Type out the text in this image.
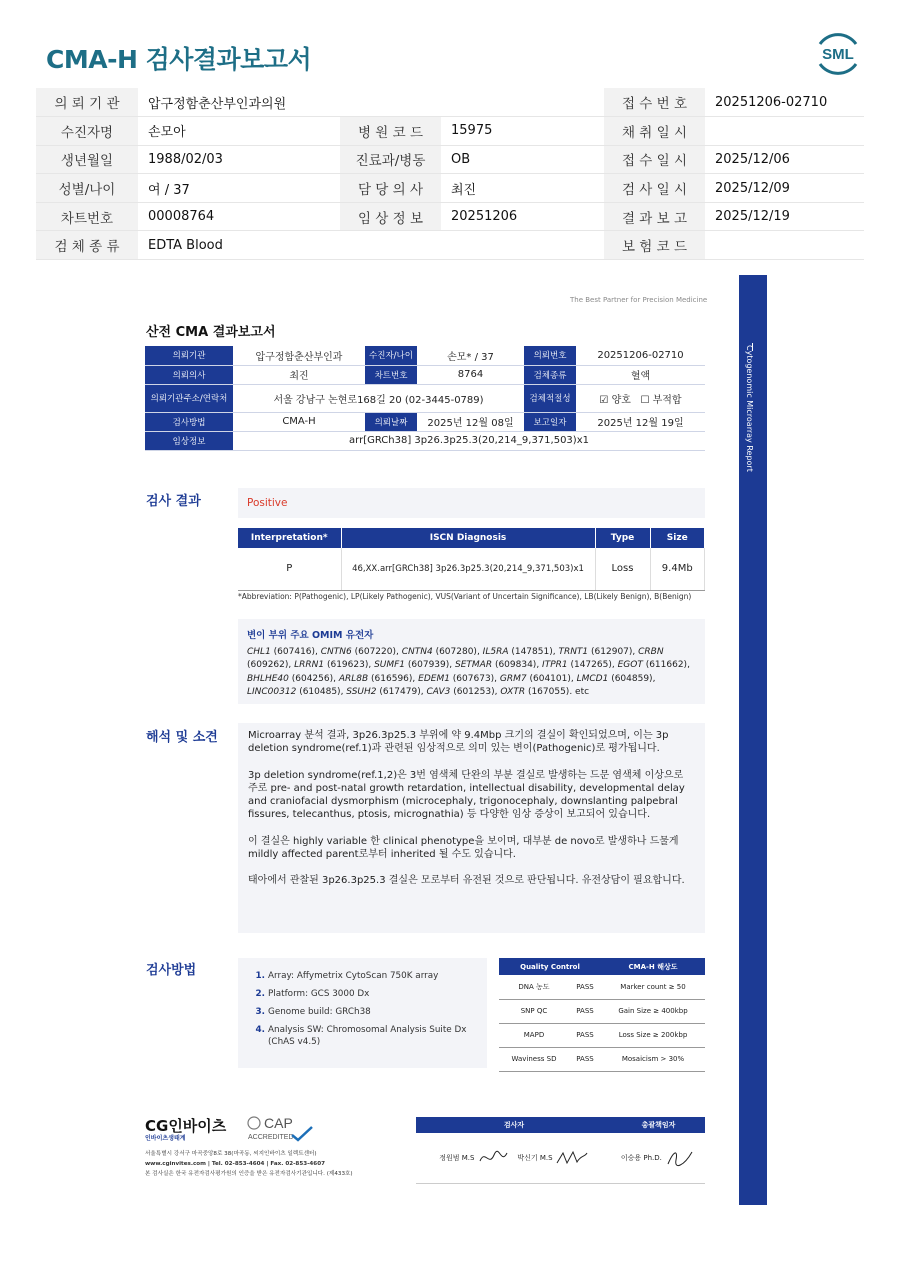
CMA-H 검사결과보고서	SML
의 뢰 기 관	압구정함춘산부인과의원			접 수 번 호	20251206-02710
수진자명	손모아	병 원 코 드	15975	채 취 일 시	
생년월일	1988/02/03	진료과/병동	OB	접 수 일 시	2025/12/06
성별/나이	여 / 37	담 당 의 사	최진	검 사 일 시	2025/12/09
차트번호	00008764	임 상 정 보	20251206	결 과 보 고	2025/12/19
검 체 종 류	EDTA Blood			보 험 코 드	
Cytogenomic Microarray Report
The Best Partner for Precision Medicine
산전 CMA 결과보고서
의뢰기관	압구정함춘산부인과	수진자/나이	손모* / 37	의뢰번호	20251206-02710
의뢰의사	최진	차트번호	8764	검체종류	혈액
의뢰기관주소/연락처	서울 강남구 논현로168길 20 (02-3445-0789)			검체적절성	☑ 양호 ☐ 부적합
검사방법	CMA-H	의뢰날짜	2025년 12월 08일	보고일자	2025년 12월 19일
임상정보	arr[GRCh38] 3p26.3p25.3(20,214_9,371,503)x1				
검사 결과	Positive
Interpretation*	ISCN Diagnosis	Type	Size
P	46,XX.arr[GRCh38] 3p26.3p25.3(20,214_9,371,503)x1	Loss	9.4Mb
*Abbreviation: P(Pathogenic), LP(Likely Pathogenic), VUS(Variant of Uncertain Significance), LB(Likely Benign), B(Benign)
변이 부위 주요 OMIM 유전자
CHL1 (607416), CNTN6 (607220), CNTN4 (607280), IL5RA (147851), TRNT1 (612907), CRBN (609262), LRRN1 (619623), SUMF1 (607939), SETMAR (609834), ITPR1 (147265), EGOT (611662), BHLHE40 (604256), ARL8B (616596), EDEM1 (607673), GRM7 (604101), LMCD1 (604859), LINC00312 (610485), SSUH2 (617479), CAV3 (601253), OXTR (167055). etc
해석 및 소견	Microarray 분석 결과, 3p26.3p25.3 부위에 약 9.4Mbp 크기의 결실이 확인되었으며, 이는 3p deletion syndrome(ref.1)과 관련된 임상적으로 의미 있는 변이(Pathogenic)로 평가됩니다.

3p deletion syndrome(ref.1,2)은 3번 염색체 단완의 부분 결실로 발생하는 드문 염색체 이상으로 주로 pre- and post-natal growth retardation, intellectual disability, developmental delay and craniofacial dysmorphism (microcephaly, trigonocephaly, downslanting palpebral fissures, telecanthus, ptosis, micrognathia) 등 다양한 임상 증상이 보고되어 있습니다.

이 결실은 highly variable 한 clinical phenotype을 보이며, 대부분 de novo로 발생하나 드물게 mildly affected parent로부터 inherited 될 수도 있습니다.

태아에서 관찰된 3p26.3p25.3 결실은 모로부터 유전된 것으로 판단됩니다. 유전상담이 필요합니다.

검사방법	1. Array: Affymetrix CytoScan 750K array
2. Platform: GCS 3000 Dx
3. Genome build: GRCh38
4. Analysis SW: Chromosomal Analysis Suite Dx (ChAS v4.5)
Quality Control		CMA-H 해상도
DNA 농도	PASS	Marker count ≥ 50
SNP QC	PASS	Gain Size ≥ 400kbp
MAPD	PASS	Loss Size ≥ 200kbp
Waviness SD	PASS	Mosaicism > 30%
CG인바이츠
인바이츠생태계
CAP
ACCREDITED
서울특별시 강서구 마곡중앙8로 38(마곡동, 씨지인바이츠 일렉트센터)
www.cginvites.com | Tel. 02-853-4604 | Fax. 02-853-4607
본 검사실은 한국 유전자검사평가원의 인증을 받은 유전자검사기관입니다. (제433호)
검사자	총괄책임자
정원범 M.S 박신기 M.S	이승용 Ph.D.
